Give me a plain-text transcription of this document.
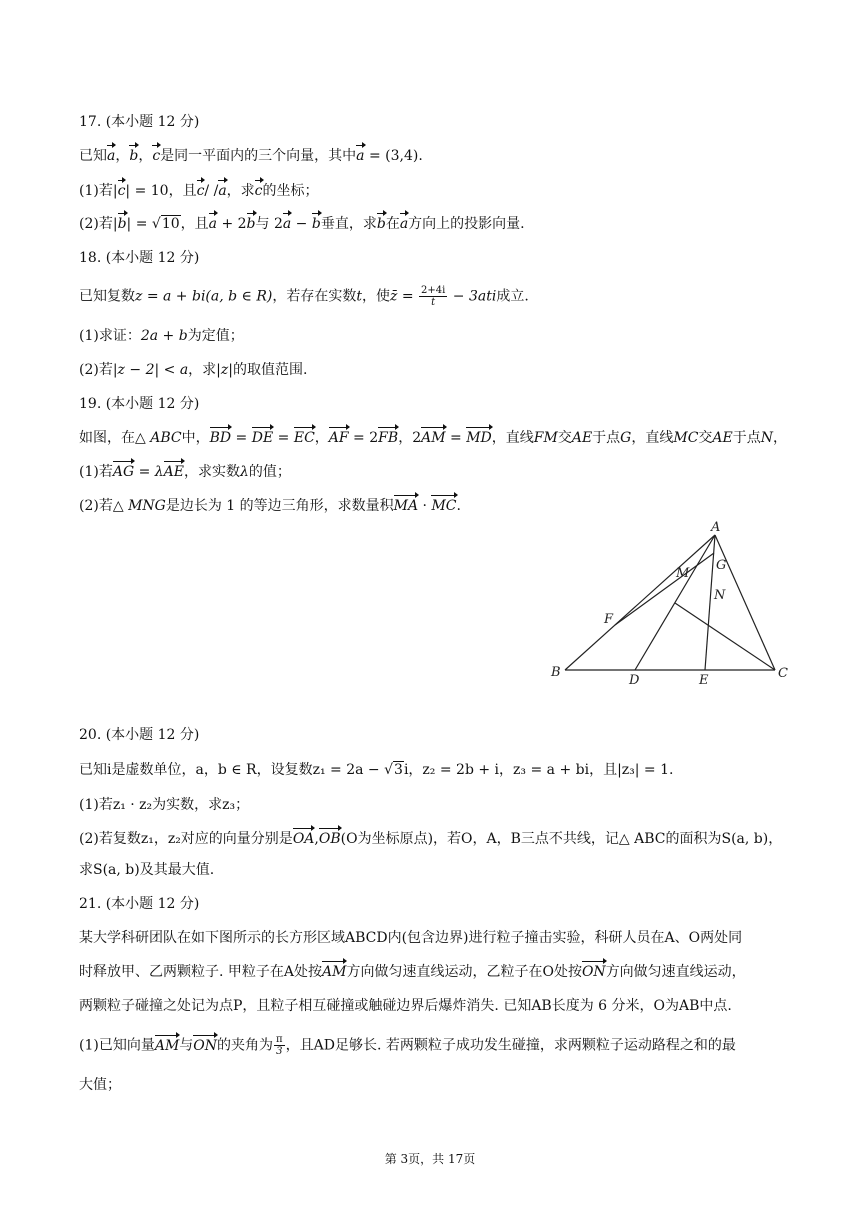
17. (本小题 12 分)
已知a，b，c是同一平面内的三个向量，其中a = (3,4).
(1)若|c| = 10，且c/ /a，求c的坐标；
(2)若|b| = √10，且a + 2b与 2a − b垂直，求b在a方向上的投影向量.
18. (本小题 12 分)
已知复数z = a + bi(a, b ∈ R)，若存在实数t，使z̄ = $\frac{2+4i}{t} - 3ati$成立.
(1)求证：2a + b为定值；
(2)若|z − 2| < a，求|z|的取值范围.
19. (本小题 12 分)
如图，在△ ABC中，BD = DE = EC，AF = 2FB，2AM = MD，直线FM交AE于点G，直线MC交AE于点N，
(1)若AG = λAE，求实数λ的值；
(2)若△ MNG是边长为 1 的等边三角形，求数量积MA · MC.
A
B	C
D	E
F
G
M
N
20. (本小题 12 分)
已知i是虚数单位，a，b ∈ R，设复数z₁ = 2a − √3i，z₂ = 2b + i，z₃ = a + bi，且|z₃| = 1.
(1)若z₁ · z₂为实数，求z₃；
(2)若复数z₁，z₂对应的向量分别是OA,OB(O为坐标原点)，若O，A，B三点不共线，记△ ABC的面积为S(a, b)，
求S(a, b)及其最大值.
21. (本小题 12 分)
某大学科研团队在如下图所示的长方形区域ABCD内(包含边界)进行粒子撞击实验，科研人员在A、O两处同
时释放甲、乙两颗粒子. 甲粒子在A处按AM方向做匀速直线运动，乙粒子在O处按ON方向做匀速直线运动，
两颗粒子碰撞之处记为点P，且粒子相互碰撞或触碰边界后爆炸消失. 已知AB长度为 6 分米，O为AB中点.
(1)已知向量AM与ON的夹角为 $\frac{\pi}{3}$ ，且AD足够长. 若两颗粒子成功发生碰撞，求两颗粒子运动路程之和的最
大值；
第 3页，共 17页
